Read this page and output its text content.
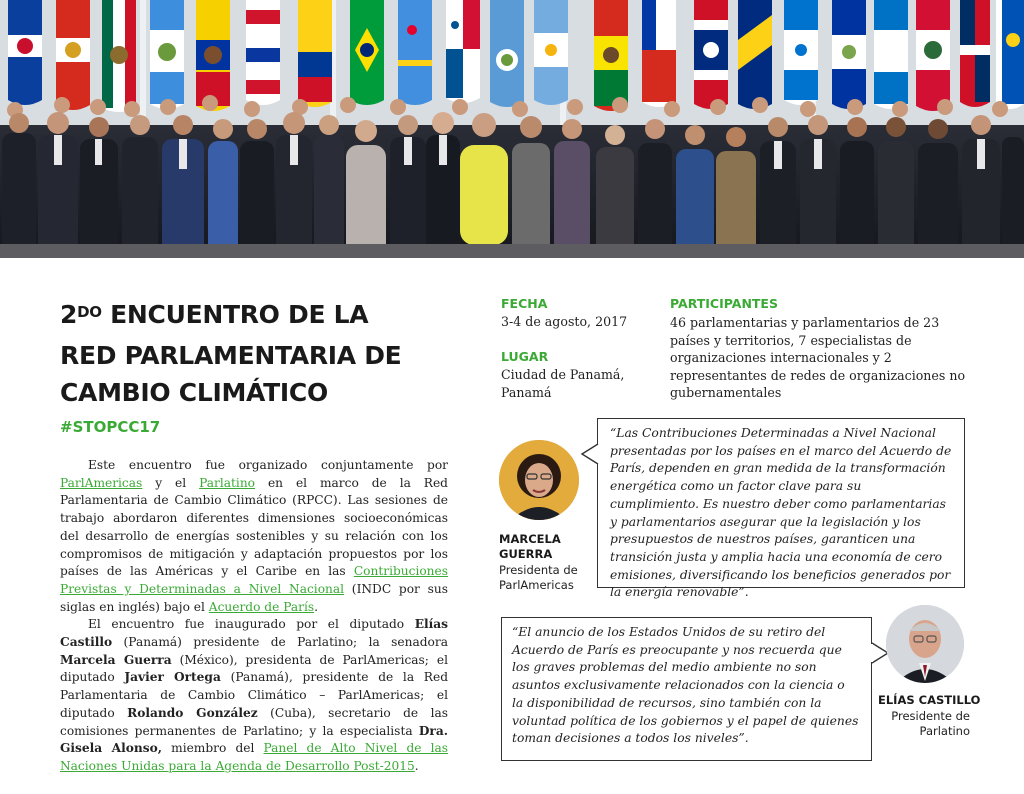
$2^{DO}$ ENCUENTRO DE LA
RED PARLAMENTARIA DE
CAMBIO CLIMÁTICO
#STOPCC17

Este encuentro fue organizado conjuntamente por ParlAmericas y el Parlatino en el marco de la Red Parlamentaria de Cambio Climático (RPCC). Las sesiones de trabajo abordaron diferentes dimensiones socioeconómicas del desarrollo de energías sostenibles y su relación con los compromisos de mitigación y adaptación propuestos por los países de las Américas y el Caribe en las Contribuciones Previstas y Determinadas a Nivel Nacional (INDC por sus siglas en inglés) bajo el Acuerdo de París.

El encuentro fue inaugurado por el diputado Elías Castillo (Panamá) presidente de Parlatino; la senadora Marcela Guerra (México), presidenta de ParlAmericas; el diputado Javier Ortega (Panamá), presidente de la Red Parlamentaria de Cambio Climático – ParlAmericas; el diputado Rolando González (Cuba), secretario de las comisiones permanentes de Parlatino; y la especialista Dra. Gisela Alonso, miembro del Panel de Alto Nivel de las Naciones Unidas para la Agenda de Desarrollo Post-2015.

FECHA
3-4 de agosto, 2017
LUGAR
Ciudad de Panamá,
Panamá
PARTICIPANTES
46 parlamentarias y parlamentarios de 23
países y territorios, 7 especialistas de
organizaciones internacionales y 2
representantes de redes de organizaciones no
gubernamentales
MARCELA
GUERRA
Presidenta de
ParlAmericas
“Las Contribuciones Determinadas a Nivel Nacional presentadas por los países en el marco del Acuerdo de París, dependen en gran medida de la transformación energética como un factor clave para su cumplimiento. Es nuestro deber como parlamentarias y parlamentarios asegurar que la legislación y los presupuestos de nuestros países, garanticen una transición justa y amplia hacia una economía de cero emisiones, diversificando los beneficios generados por la energía renovable”.
“El anuncio de los Estados Unidos de su retiro del Acuerdo de París es preocupante y nos recuerda que los graves problemas del medio ambiente no son asuntos exclusivamente relacionados con la ciencia o la disponibilidad de recursos, sino también con la voluntad política de los gobiernos y el papel de quienes toman decisiones a todos los niveles”.
ELÍAS CASTILLO
Presidente de
Parlatino
